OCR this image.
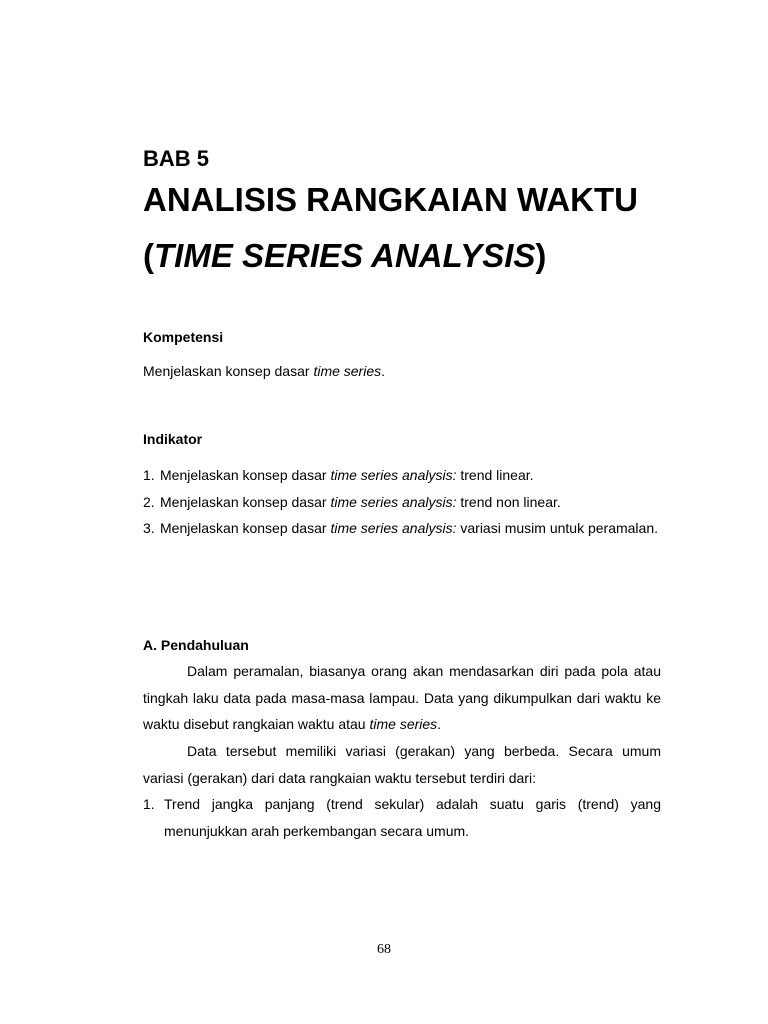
BAB 5

ANALISIS RANGKAIAN WAKTU
(TIME SERIES ANALYSIS)
Kompetensi

Menjelaskan konsep dasar time series.

Indikator
1. Menjelaskan konsep dasar time series analysis: trend linear.
2. Menjelaskan konsep dasar time series analysis: trend non linear.
3. Menjelaskan konsep dasar time series analysis: variasi musim untuk peramalan.
A. Pendahuluan

Dalam peramalan, biasanya orang akan mendasarkan diri pada pola atau tingkah laku data pada masa-masa lampau. Data yang dikumpulkan dari waktu ke waktu disebut rangkaian waktu atau time series.

Data tersebut memiliki variasi (gerakan) yang berbeda. Secara umum variasi (gerakan) dari data rangkaian waktu tersebut terdiri dari:

1. Trend jangka panjang (trend sekular) adalah suatu garis (trend) yang menunjukkan arah perkembangan secara umum.

68
